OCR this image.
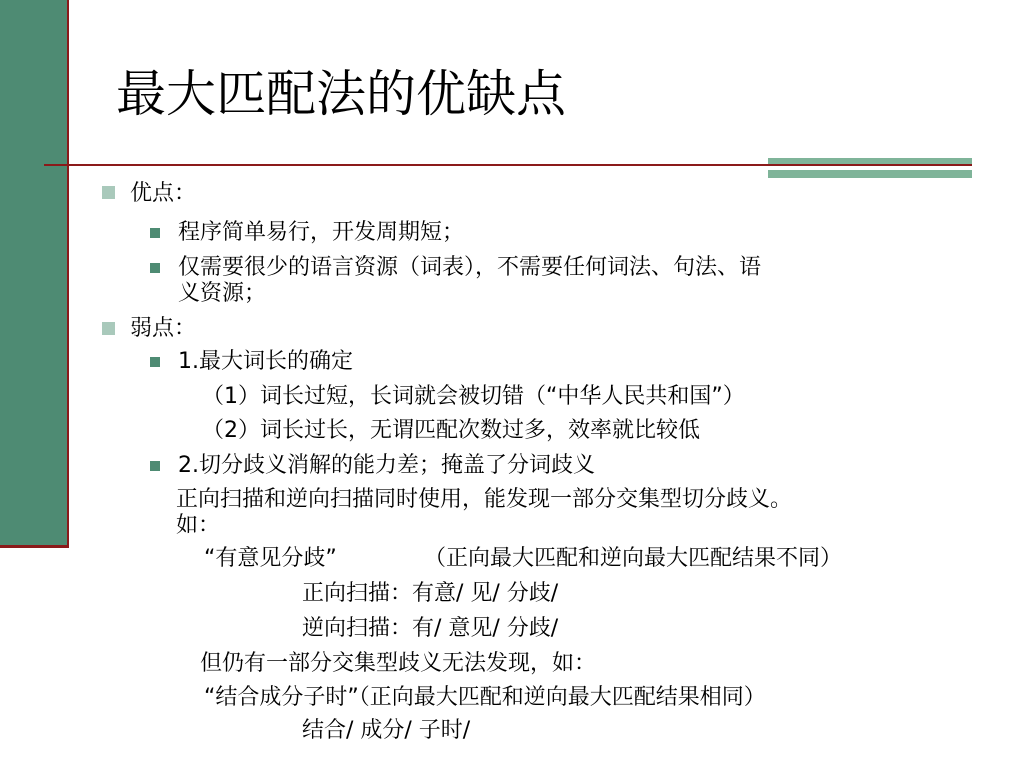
最大匹配法的优缺点

优点：

程序简单易行，开发周期短；

仅需要很少的语言资源（词表），不需要任何词法、句法、语

义资源；

弱点：

1.最大词长的确定

（1）词长过短，长词就会被切错（“中华人民共和国”）

（2）词长过长，无谓匹配次数过多，效率就比较低

2.切分歧义消解的能力差；掩盖了分词歧义

正向扫描和逆向扫描同时使用，能发现一部分交集型切分歧义。

如：

“有意见分歧”	（正向最大匹配和逆向最大匹配结果不同）

正向扫描：有意/ 见/ 分歧/

逆向扫描：有/ 意见/ 分歧/

但仍有一部分交集型歧义无法发现，如：

“结合成分子时”（正向最大匹配和逆向最大匹配结果相同）

结合/ 成分/ 子时/
